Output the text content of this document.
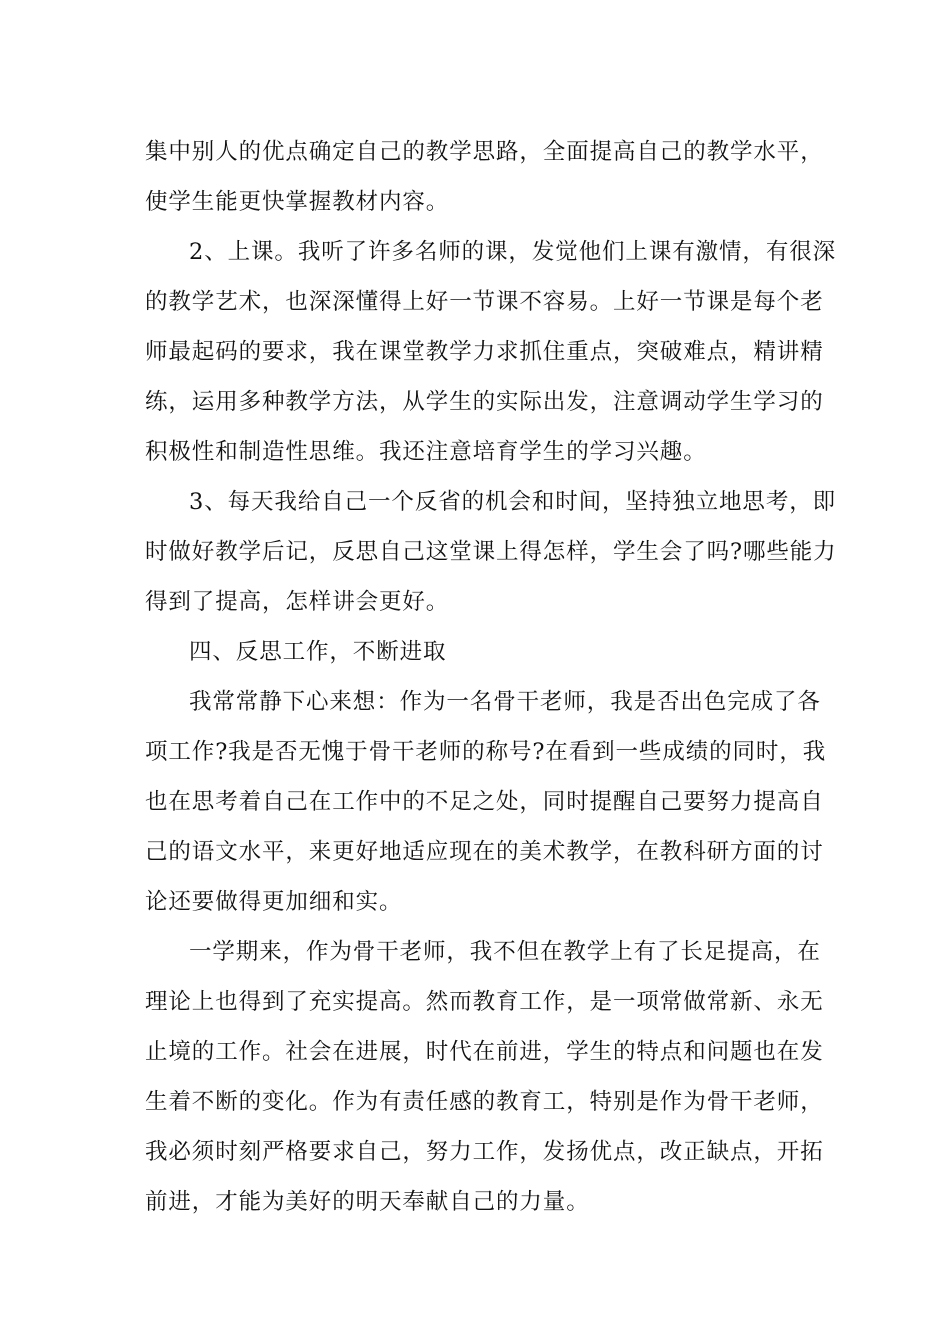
集中别人的优点确定自己的教学思路，全面提高自己的教学水平，
使学生能更快掌握教材内容。
2、上课。我听了许多名师的课，发觉他们上课有激情，有很深
的教学艺术，也深深懂得上好一节课不容易。上好一节课是每个老
师最起码的要求，我在课堂教学力求抓住重点，突破难点，精讲精
练，运用多种教学方法，从学生的实际出发，注意调动学生学习的
积极性和制造性思维。我还注意培育学生的学习兴趣。
3、每天我给自己一个反省的机会和时间，坚持独立地思考，即
时做好教学后记，反思自己这堂课上得怎样，学生会了吗?哪些能力
得到了提高，怎样讲会更好。
四、反思工作，不断进取
我常常静下心来想：作为一名骨干老师，我是否出色完成了各
项工作?我是否无愧于骨干老师的称号?在看到一些成绩的同时，我
也在思考着自己在工作中的不足之处，同时提醒自己要努力提高自
己的语文水平，来更好地适应现在的美术教学，在教科研方面的讨
论还要做得更加细和实。
一学期来，作为骨干老师，我不但在教学上有了长足提高，在
理论上也得到了充实提高。然而教育工作，是一项常做常新、永无
止境的工作。社会在进展，时代在前进，学生的特点和问题也在发
生着不断的变化。作为有责任感的教育工，特别是作为骨干老师，
我必须时刻严格要求自己，努力工作，发扬优点，改正缺点，开拓
前进，才能为美好的明天奉献自己的力量。
